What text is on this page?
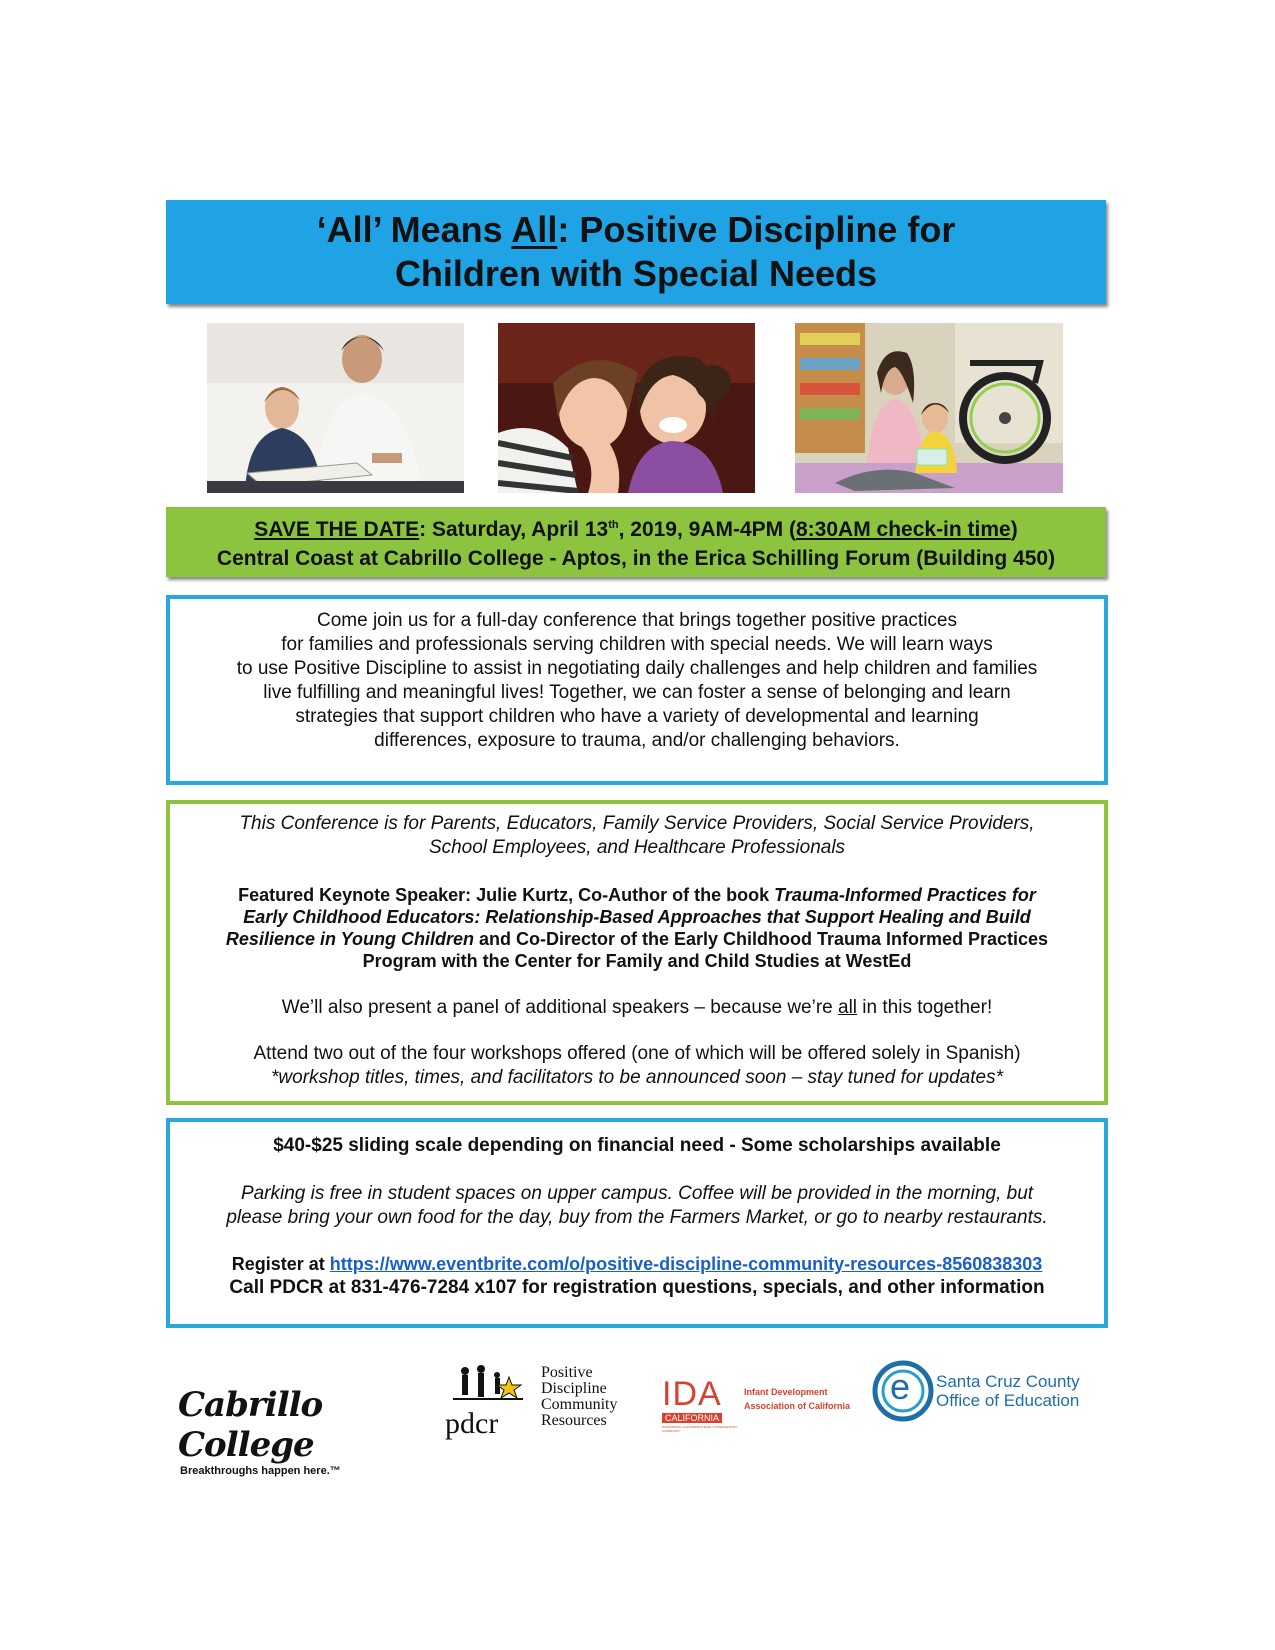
‘All’ Means All: Positive Discipline for
Children with Special Needs
SAVE THE DATE: Saturday, April 13th, 2019, 9AM-4PM (8:30AM check-in time)
Central Coast at Cabrillo College - Aptos, in the Erica Schilling Forum (Building 450)
Come join us for a full-day conference that brings together positive practices
for families and professionals serving children with special needs. We will learn ways
to use Positive Discipline to assist in negotiating daily challenges and help children and families
live fulfilling and meaningful lives! Together, we can foster a sense of belonging and learn
strategies that support children who have a variety of developmental and learning
differences, exposure to trauma, and/or challenging behaviors.
This Conference is for Parents, Educators, Family Service Providers, Social Service Providers,
School Employees, and Healthcare Professionals
Featured Keynote Speaker: Julie Kurtz, Co-Author of the book Trauma-Informed Practices for
Early Childhood Educators: Relationship-Based Approaches that Support Healing and Build
Resilience in Young Children and Co-Director of the Early Childhood Trauma Informed Practices
Program with the Center for Family and Child Studies at WestEd
We’ll also present a panel of additional speakers – because we’re all in this together!
Attend two out of the four workshops offered (one of which will be offered solely in Spanish)
*workshop titles, times, and facilitators to be announced soon – stay tuned for updates*
$40-$25 sliding scale depending on financial need - Some scholarships available
Parking is free in student spaces on upper campus. Coffee will be provided in the morning, but
please bring your own food for the day, buy from the Farmers Market, or go to nearby restaurants.
Register at https://www.eventbrite.com/o/positive-discipline-community-resources-8560838303
Call PDCR at 831-476-7284 x107 for registration questions, specials, and other information
Cabrillo College
Breakthroughs happen here.™
pdcr
Positive
Discipline
Community
Resources
IDA
CALIFORNIA
SUPPORTING CALIFORNIA'S EARLY INTERVENTION COMMUNITY
Infant Development
Association of California e Santa Cruz County
Office of Education
